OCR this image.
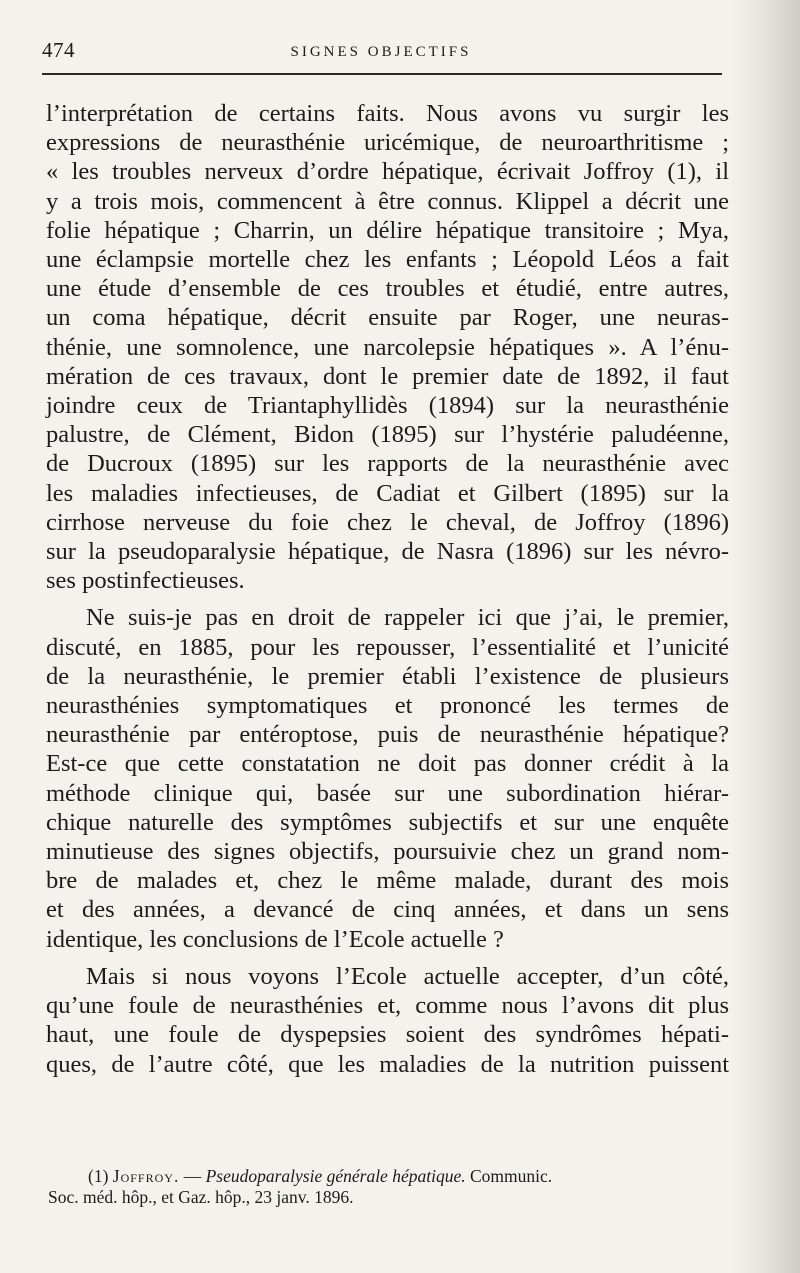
474	SIGNES OBJECTIFS
l’interprétation de certains faits. Nous avons vu surgir les
expressions de neurasthénie uricémique, de neuroarthritisme ;
« les troubles nerveux d’ordre hépatique, écrivait Joffroy (1), il
y a trois mois, commencent à être connus. Klippel a décrit une
folie hépatique ; Charrin, un délire hépatique transitoire ; Mya,
une éclampsie mortelle chez les enfants ; Léopold Léos a fait
une étude d’ensemble de ces troubles et étudié, entre autres,
un coma hépatique, décrit ensuite par Roger, une neuras-
thénie, une somnolence, une narcolepsie hépatiques ». A l’énu-
mération de ces travaux, dont le premier date de 1892, il faut
joindre ceux de Triantaphyllidès (1894) sur la neurasthénie
palustre, de Clément, Bidon (1895) sur l’hystérie paludéenne,
de Ducroux (1895) sur les rapports de la neurasthénie avec
les maladies infectieuses, de Cadiat et Gilbert (1895) sur la
cirrhose nerveuse du foie chez le cheval, de Joffroy (1896)
sur la pseudoparalysie hépatique, de Nasra (1896) sur les névro-
ses postinfectieuses.
Ne suis-je pas en droit de rappeler ici que j’ai, le premier,
discuté, en 1885, pour les repousser, l’essentialité et l’unicité
de la neurasthénie, le premier établi l’existence de plusieurs
neurasthénies symptomatiques et prononcé les termes de
neurasthénie par entéroptose, puis de neurasthénie hépatique?
Est-ce que cette constatation ne doit pas donner crédit à la
méthode clinique qui, basée sur une subordination hiérar-
chique naturelle des symptômes subjectifs et sur une enquête
minutieuse des signes objectifs, poursuivie chez un grand nom-
bre de malades et, chez le même malade, durant des mois
et des années, a devancé de cinq années, et dans un sens
identique, les conclusions de l’Ecole actuelle ?
Mais si nous voyons l’Ecole actuelle accepter, d’un côté,
qu’une foule de neurasthénies et, comme nous l’avons dit plus
haut, une foule de dyspepsies soient des syndrômes hépati-
ques, de l’autre côté, que les maladies de la nutrition puissent
(1) Joffroy. — Pseudoparalysie générale hépatique. Communic.
Soc. méd. hôp., et Gaz. hôp., 23 janv. 1896.
